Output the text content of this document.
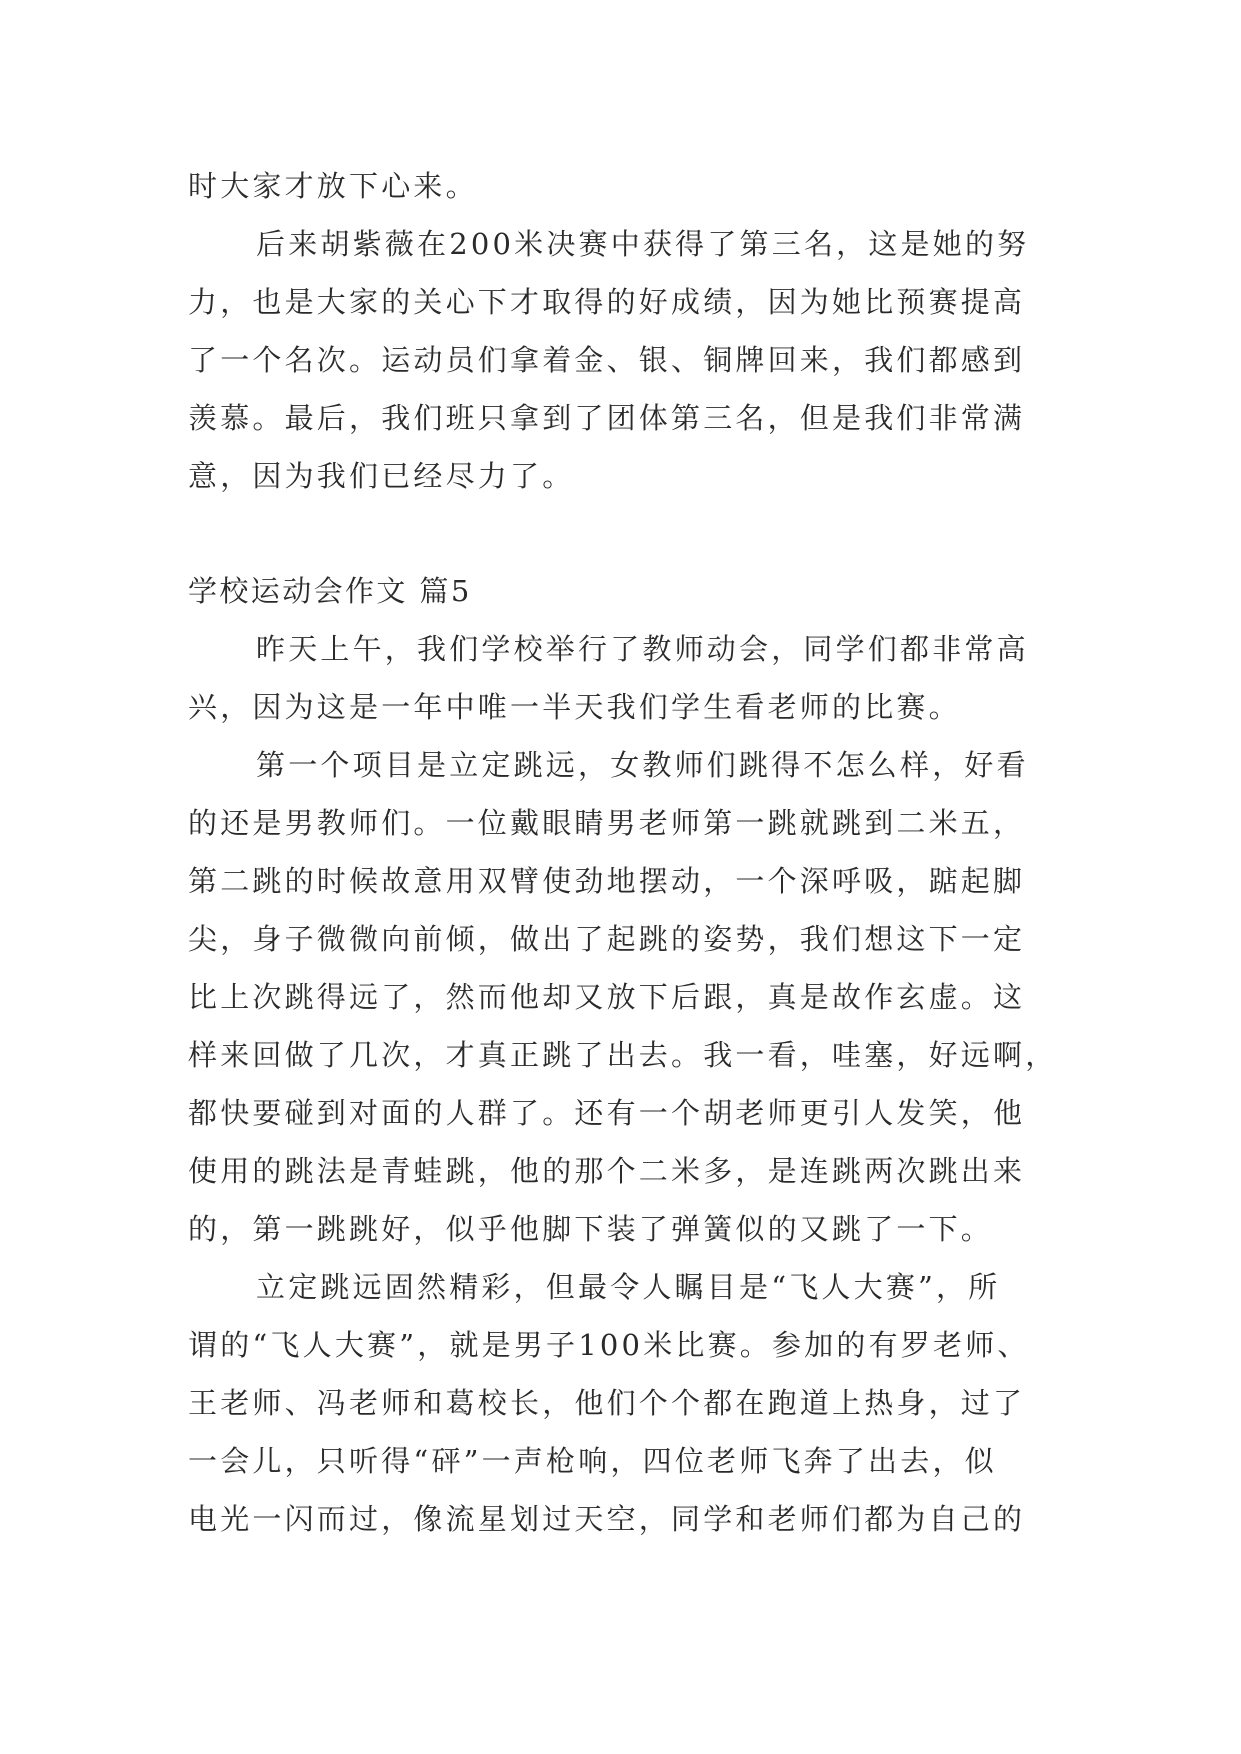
时大家才放下心来。
后来胡紫薇在200米决赛中获得了第三名，这是她的努
力，也是大家的关心下才取得的好成绩，因为她比预赛提高
了一个名次。运动员们拿着金、银、铜牌回来，我们都感到
羡慕。最后，我们班只拿到了团体第三名，但是我们非常满
意，因为我们已经尽力了。
学校运动会作文 篇5
昨天上午，我们学校举行了教师动会，同学们都非常高
兴，因为这是一年中唯一半天我们学生看老师的比赛。
第一个项目是立定跳远，女教师们跳得不怎么样，好看
的还是男教师们。一位戴眼睛男老师第一跳就跳到二米五，
第二跳的时候故意用双臂使劲地摆动，一个深呼吸，踮起脚
尖，身子微微向前倾，做出了起跳的姿势，我们想这下一定
比上次跳得远了，然而他却又放下后跟，真是故作玄虚。这
样来回做了几次，才真正跳了出去。我一看，哇塞，好远啊，
都快要碰到对面的人群了。还有一个胡老师更引人发笑，他
使用的跳法是青蛙跳，他的那个二米多，是连跳两次跳出来
的，第一跳跳好，似乎他脚下装了弹簧似的又跳了一下。
立定跳远固然精彩，但最令人瞩目是“飞人大赛”，所
谓的“飞人大赛”，就是男子100米比赛。参加的有罗老师、
王老师、冯老师和葛校长，他们个个都在跑道上热身，过了
一会儿，只听得“砰”一声枪响，四位老师飞奔了出去，似
电光一闪而过，像流星划过天空，同学和老师们都为自己的
